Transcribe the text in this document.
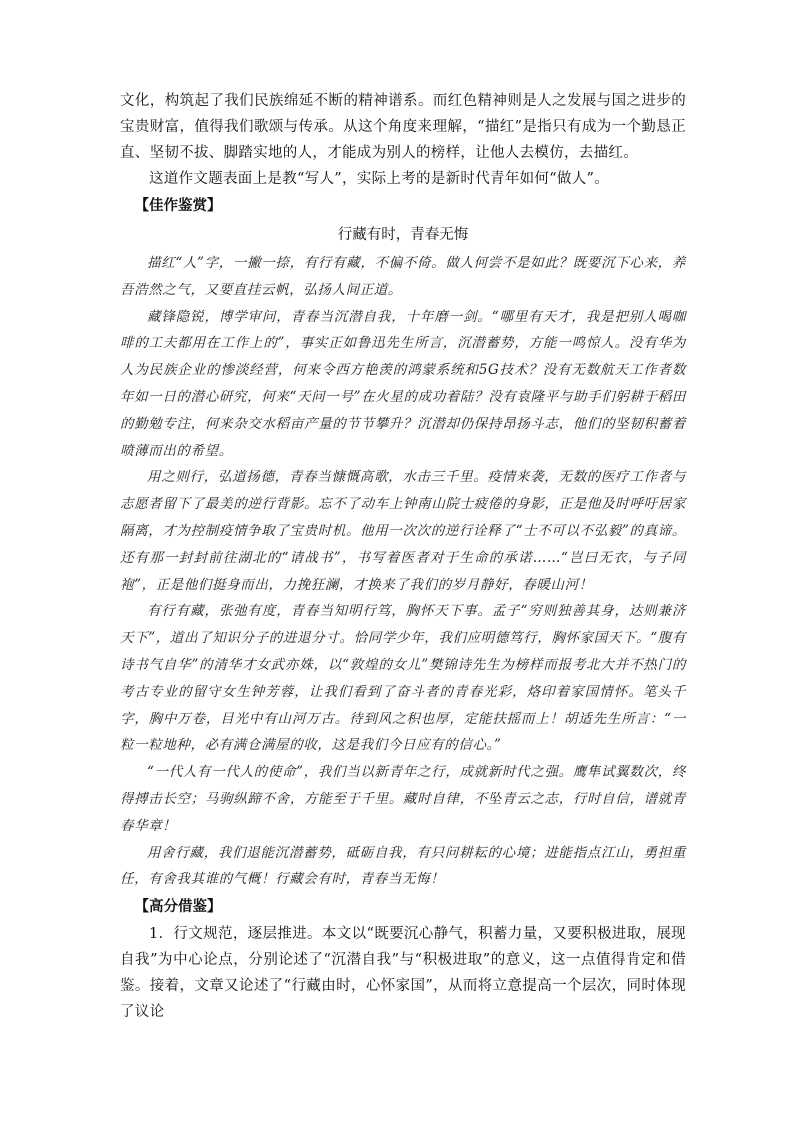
文化，构筑起了我们民族绵延不断的精神谱系。而红色精神则是人之发展与国之进步的宝贵财富，值得我们歌颂与传承。从这个角度来理解，“描红”是指只有成为一个勤恳正直、坚韧不拔、脚踏实地的人，才能成为别人的榜样，让他人去模仿，去描红。

这道作文题表面上是教“写人”，实际上考的是新时代青年如何“做人”。

【佳作鉴赏】

行藏有时，青春无悔

描红“人”字，一撇一捺，有行有藏，不偏不倚。做人何尝不是如此？既要沉下心来，养吾浩然之气，又要直挂云帆，弘扬人间正道。

藏锋隐锐，博学审问，青春当沉潜自我，十年磨一剑。“哪里有天才，我是把别人喝咖啡的工夫都用在工作上的”，事实正如鲁迅先生所言，沉潜蓄势，方能一鸣惊人。没有华为人为民族企业的惨淡经营，何来令西方艳羡的鸿蒙系统和5G技术？没有无数航天工作者数年如一日的潜心研究，何来“天问一号”在火星的成功着陆？没有袁隆平与助手们躬耕于稻田的勤勉专注，何来杂交水稻亩产量的节节攀升？沉潜却仍保持昂扬斗志，他们的坚韧积蓄着喷薄而出的希望。

用之则行，弘道扬德，青春当慷慨高歌，水击三千里。疫情来袭，无数的医疗工作者与志愿者留下了最美的逆行背影。忘不了动车上钟南山院士疲倦的身影，正是他及时呼吁居家隔离，才为控制疫情争取了宝贵时机。他用一次次的逆行诠释了“士不可以不弘毅”的真谛。还有那一封封前往湖北的“请战书”，书写着医者对于生命的承诺……“岂曰无衣，与子同袍”，正是他们挺身而出，力挽狂澜，才换来了我们的岁月静好，春暖山河！

有行有藏，张弛有度，青春当知明行笃，胸怀天下事。孟子“穷则独善其身，达则兼济天下”，道出了知识分子的进退分寸。恰同学少年，我们应明德笃行，胸怀家国天下。“腹有诗书气自华”的清华才女武亦姝，以“敦煌的女儿”樊锦诗先生为榜样而报考北大并不热门的考古专业的留守女生钟芳蓉，让我们看到了奋斗者的青春光彩，烙印着家国情怀。笔头千字，胸中万卷，目光中有山河万古。待到风之积也厚，定能扶摇而上！胡适先生所言：“一粒一粒地种，必有满仓满屋的收，这是我们今日应有的信心。”

“一代人有一代人的使命”，我们当以新青年之行，成就新时代之强。鹰隼试翼数次，终得搏击长空；马驹纵蹄不舍，方能至于千里。藏时自律，不坠青云之志，行时自信，谱就青春华章！

用舍行藏，我们退能沉潜蓄势，砥砺自我，有只问耕耘的心境；进能指点江山，勇担重任，有舍我其谁的气概！行藏会有时，青春当无悔！

【高分借鉴】

1．行文规范，逐层推进。本文以“既要沉心静气，积蓄力量，又要积极进取，展现自我”为中心论点，分别论述了“沉潜自我”与“积极进取”的意义，这一点值得肯定和借鉴。接着，文章又论述了“行藏由时，心怀家国”，从而将立意提高一个层次，同时体现了议论
